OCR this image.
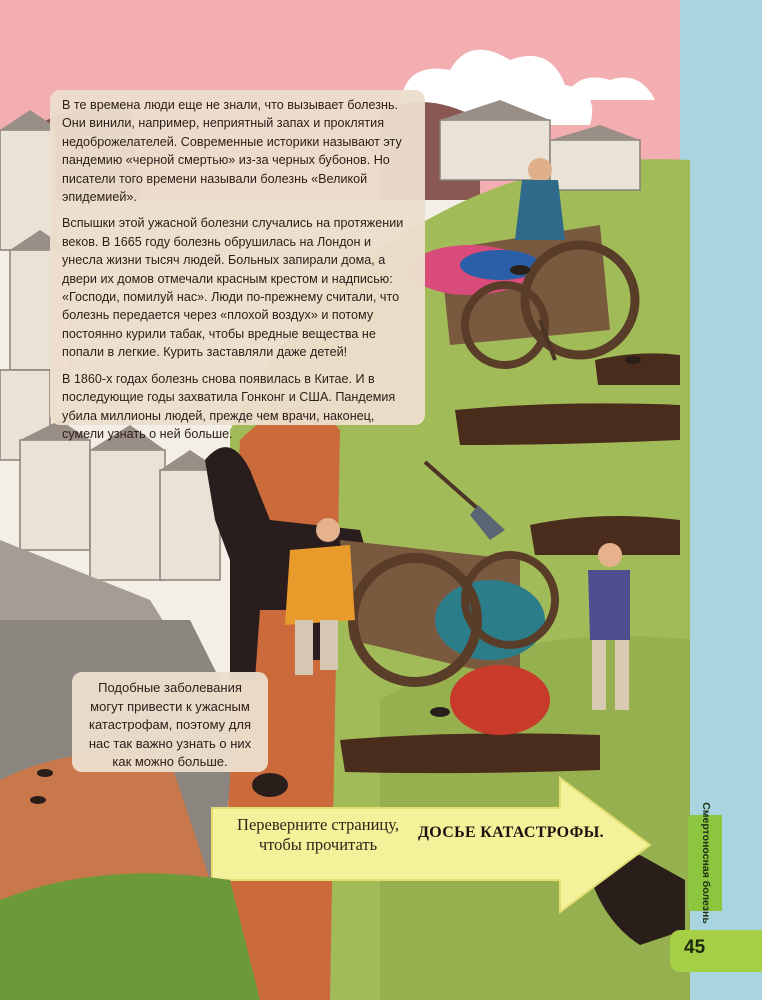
В те времена люди еще не знали, что вызывает болезнь. Они винили, например, неприятный запах и проклятия недоброжелателей. Современные историки называют эту пандемию «черной смертью» из-за черных бубонов. Но писатели того времени называли болезнь «Великой эпидемией».

Вспышки этой ужасной болезни случались на протяжении веков. В 1665 году болезнь обрушилась на Лондон и унесла жизни тысяч людей. Больных запирали дома, а двери их домов отмечали красным крестом и надписью: «Господи, помилуй нас». Люди по-прежнему считали, что болезнь передается через «плохой воздух» и потому постоянно курили табак, чтобы вредные вещества не попали в легкие. Курить заставляли даже детей!

В 1860-х годах болезнь снова появилась в Китае. И в последующие годы захватила Гонконг и США. Пандемия убила миллионы людей, прежде чем врачи, наконец, сумели узнать о ней больше.

Подобные заболевания могут привести к ужасным катастрофам, поэтому для нас так важно узнать о них как можно больше.
Переверните страницу, чтобы прочитать
ДОСЬЕ КАТАСТРОФЫ.	Смертоносная болезнь
45
